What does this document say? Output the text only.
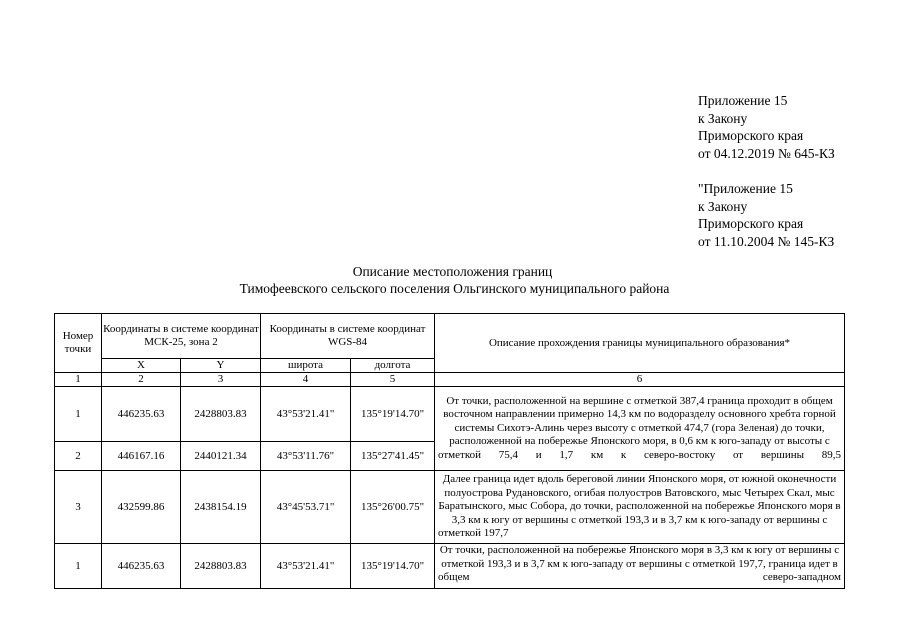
Приложение 15
к Закону
Приморского края
от 04.12.2019 № 645-КЗ
"Приложение 15
к Закону
Приморского края
от 11.10.2004 № 145-КЗ
Описание местоположения границ
Тимофеевского сельского поселения Ольгинского муниципального района
Номер точки	Координаты в системе координат МСК-25, зона 2		Координаты в системе координат WGS-84		Описание прохождения границы муниципального образования*
	X	Y	широта	долгота	
1	2	3	4	5	6
1	446235.63	2428803.83	43°53'21.41"	135°19'14.70"	От точки, расположенной на вершине с отметкой 387,4 граница проходит в общем восточном направлении примерно 14,3 км по водоразделу основного хребта горной системы Сихотэ-Алинь через высоту с отметкой 474,7 (гора Зеленая) до точки, расположенной на побережье Японского моря, в 0,6 км к юго-западу от высоты с отметкой 75,4 и 1,7 км к северо-востоку от вершины 89,5
2	446167.16	2440121.34	43°53'11.76"	135°27'41.45"	
3	432599.86	2438154.19	43°45'53.71"	135°26'00.75"	Далее граница идет вдоль береговой линии Японского моря, от южной оконечности полуострова Рудановского, огибая полуостров Ватовского, мыс Четырех Скал, мыс Баратынского, мыс Собора, до точки, расположенной на побережье Японского моря в 3,3 км к югу от вершины с отметкой 193,3 и в 3,7 км к юго-западу от вершины с отметкой 197,7
1	446235.63	2428803.83	43°53'21.41"	135°19'14.70"	От точки, расположенной на побережье Японского моря в 3,3 км к югу от вершины с отметкой 193,3 и в 3,7 км к юго-западу от вершины с отметкой 197,7, граница идет в общем северо-западном
